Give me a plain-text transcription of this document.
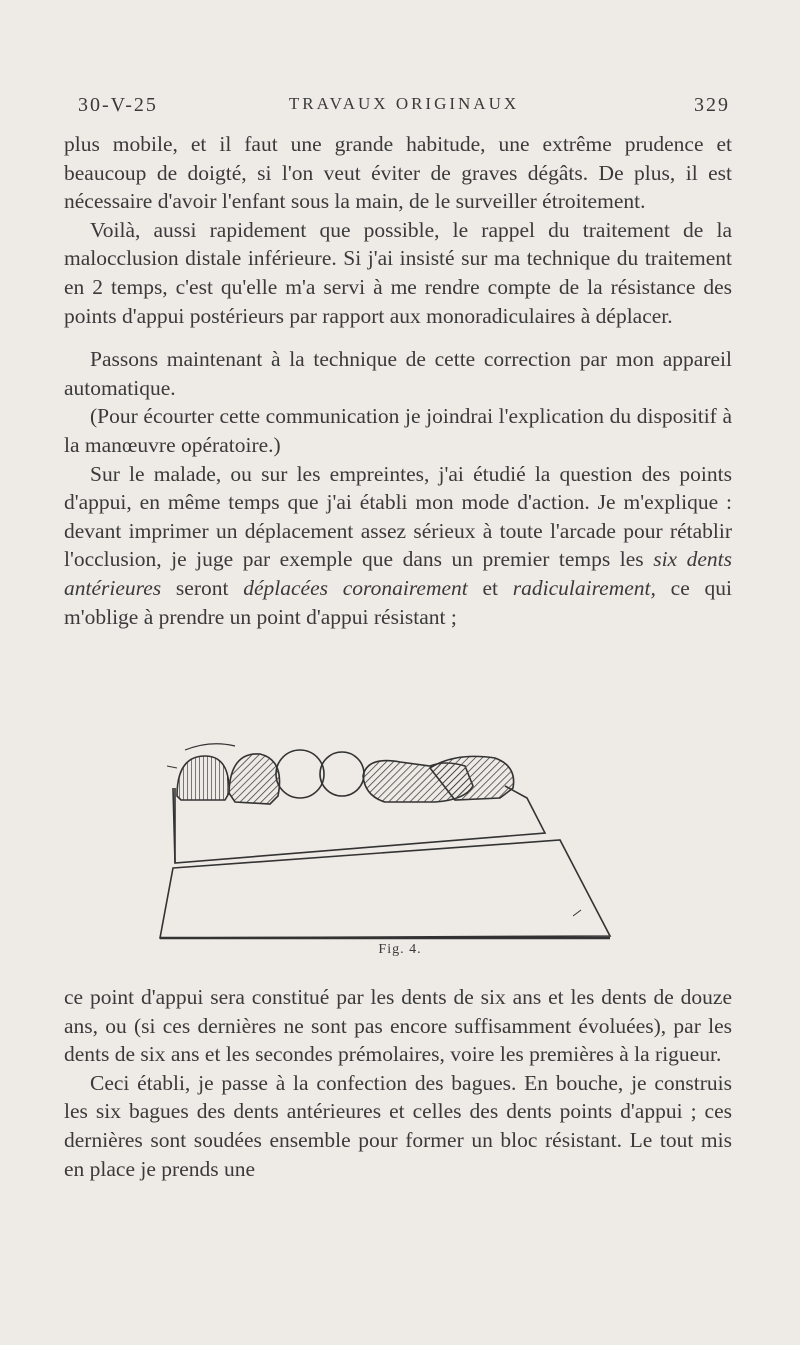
30-V-25	TRAVAUX ORIGINAUX	329

plus mobile, et il faut une grande habitude, une extrême prudence et beaucoup de doigté, si l'on veut éviter de graves dégâts. De plus, il est nécessaire d'avoir l'enfant sous la main, de le surveiller étroitement.

Voilà, aussi rapidement que possible, le rappel du traitement de la malocclusion distale inférieure. Si j'ai insisté sur ma technique du traitement en 2 temps, c'est qu'elle m'a servi à me rendre compte de la résistance des points d'appui postérieurs par rapport aux monoradiculaires à déplacer.

Passons maintenant à la technique de cette correction par mon appareil automatique.

(Pour écourter cette communication je joindrai l'explication du dispositif à la manœuvre opératoire.)

Sur le malade, ou sur les empreintes, j'ai étudié la question des points d'appui, en même temps que j'ai établi mon mode d'action. Je m'explique : devant imprimer un déplacement assez sérieux à toute l'arcade pour rétablir l'occlusion, je juge par exemple que dans un premier temps les six dents antérieures seront déplacées coronairement et radiculairement, ce qui m'oblige à prendre un point d'appui résistant ;

Fig. 4.

ce point d'appui sera constitué par les dents de six ans et les dents de douze ans, ou (si ces dernières ne sont pas encore suffisamment évoluées), par les dents de six ans et les secondes prémolaires, voire les premières à la rigueur.

Ceci établi, je passe à la confection des bagues. En bouche, je construis les six bagues des dents antérieures et celles des dents points d'appui ; ces dernières sont soudées ensemble pour former un bloc résistant. Le tout mis en place je prends une
